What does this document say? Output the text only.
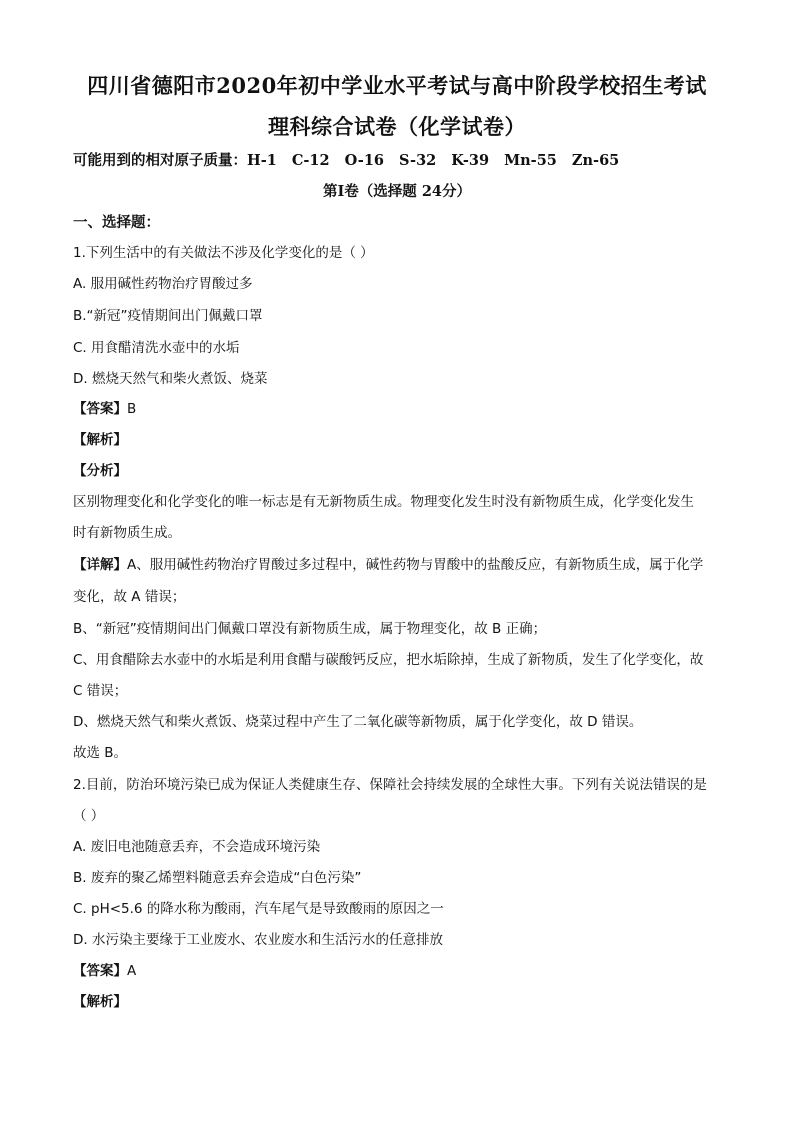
四川省德阳市2020年初中学业水平考试与高中阶段学校招生考试
理科综合试卷（化学试卷）
可能用到的相对原子质量：H-1 C-12 O-16 S-32 K-39 Mn-55 Zn-65
第Ⅰ卷（选择题 24分）
一、选择题：
1.下列生活中的有关做法不涉及化学变化的是（ ）
A. 服用碱性药物治疗胃酸过多
B.“新冠”疫情期间出门佩戴口罩
C. 用食醋清洗水壶中的水垢
D. 燃烧天然气和柴火煮饭、烧菜
【答案】B
【解析】
【分析】
区别物理变化和化学变化的唯一标志是有无新物质生成。物理变化发生时没有新物质生成，化学变化发生
时有新物质生成。
【详解】A、服用碱性药物治疗胃酸过多过程中，碱性药物与胃酸中的盐酸反应，有新物质生成，属于化学
变化，故 A 错误；
B、“新冠”疫情期间出门佩戴口罩没有新物质生成，属于物理变化，故 B 正确；
C、用食醋除去水壶中的水垢是利用食醋与碳酸钙反应，把水垢除掉，生成了新物质，发生了化学变化，故
C 错误；
D、燃烧天然气和柴火煮饭、烧菜过程中产生了二氧化碳等新物质，属于化学变化，故 D 错误。
故选 B。
2.目前，防治环境污染已成为保证人类健康生存、保障社会持续发展的全球性大事。下列有关说法错误的是
（ ）
A. 废旧电池随意丢弃，不会造成环境污染
B. 废弃的聚乙烯塑料随意丢弃会造成“白色污染”
C. pH<5.6 的降水称为酸雨，汽车尾气是导致酸雨的原因之一
D. 水污染主要缘于工业废水、农业废水和生活污水的任意排放
【答案】A
【解析】
